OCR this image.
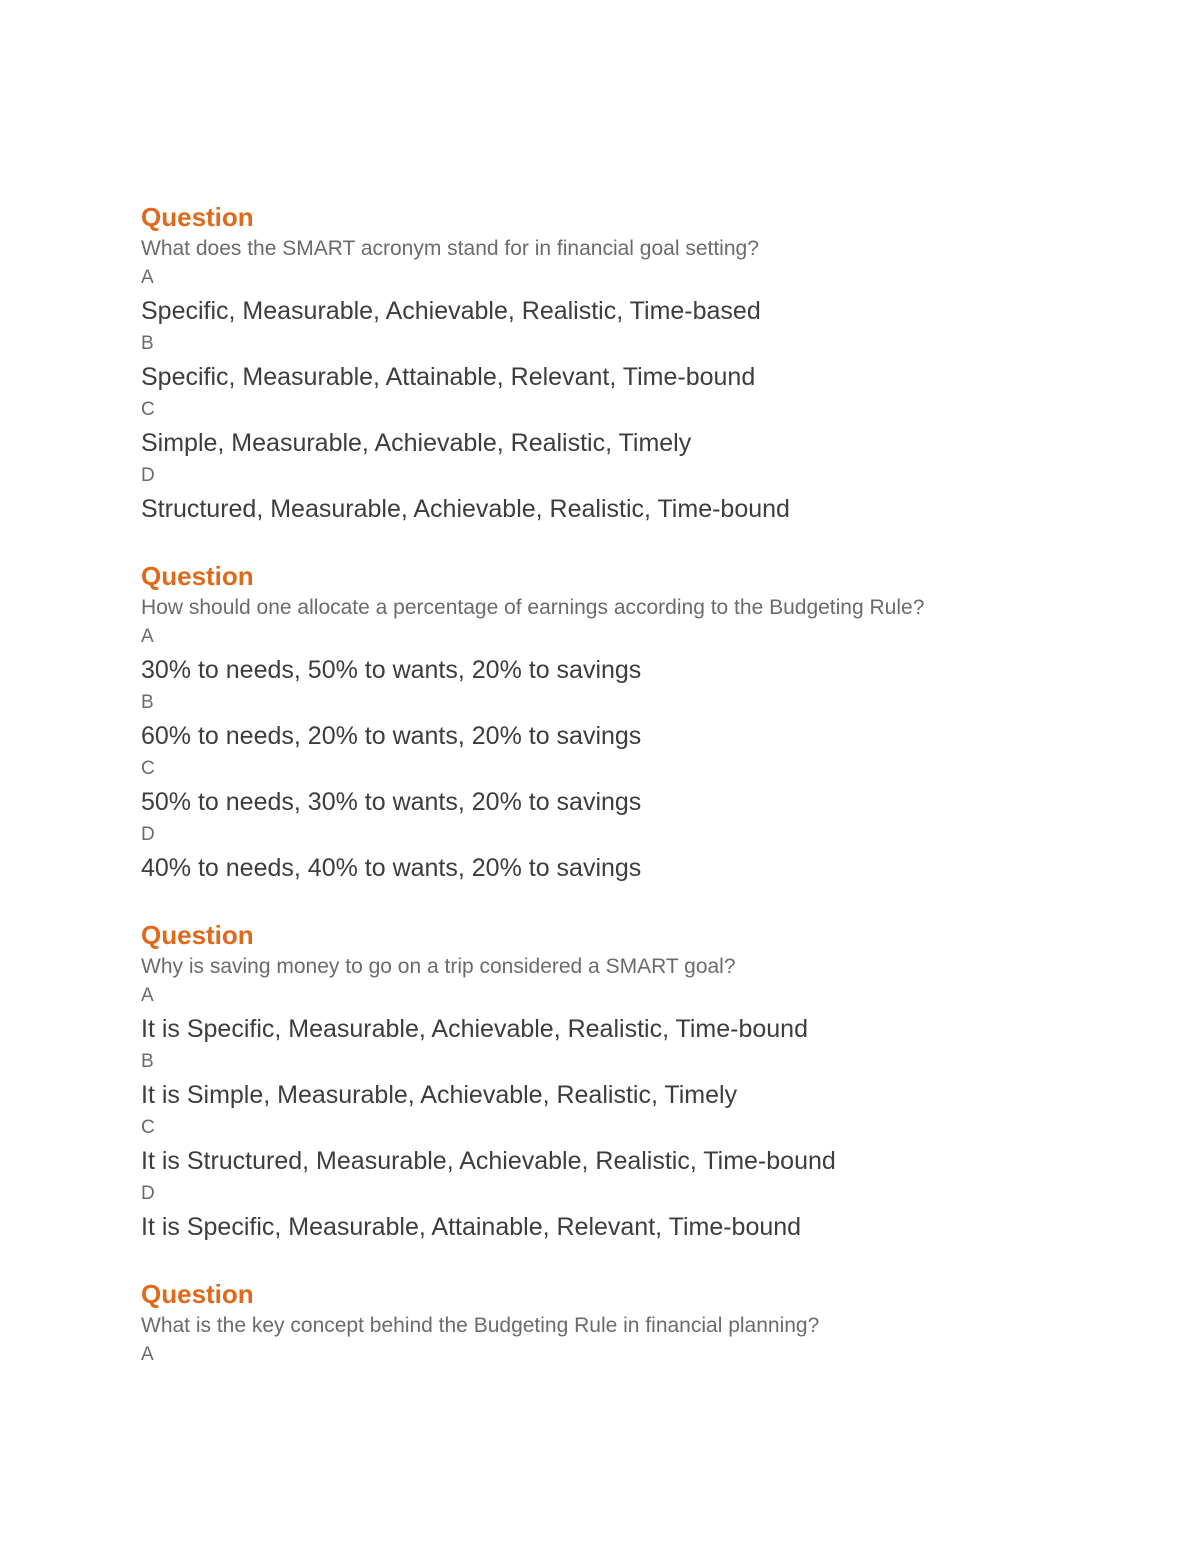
Question
What does the SMART acronym stand for in financial goal setting?
A
Specific, Measurable, Achievable, Realistic, Time-based
B
Specific, Measurable, Attainable, Relevant, Time-bound
C
Simple, Measurable, Achievable, Realistic, Timely
D
Structured, Measurable, Achievable, Realistic, Time-bound
Question
How should one allocate a percentage of earnings according to the Budgeting Rule?
A
30% to needs, 50% to wants, 20% to savings
B
60% to needs, 20% to wants, 20% to savings
C
50% to needs, 30% to wants, 20% to savings
D
40% to needs, 40% to wants, 20% to savings
Question
Why is saving money to go on a trip considered a SMART goal?
A
It is Specific, Measurable, Achievable, Realistic, Time-bound
B
It is Simple, Measurable, Achievable, Realistic, Timely
C
It is Structured, Measurable, Achievable, Realistic, Time-bound
D
It is Specific, Measurable, Attainable, Relevant, Time-bound
Question
What is the key concept behind the Budgeting Rule in financial planning?
A
